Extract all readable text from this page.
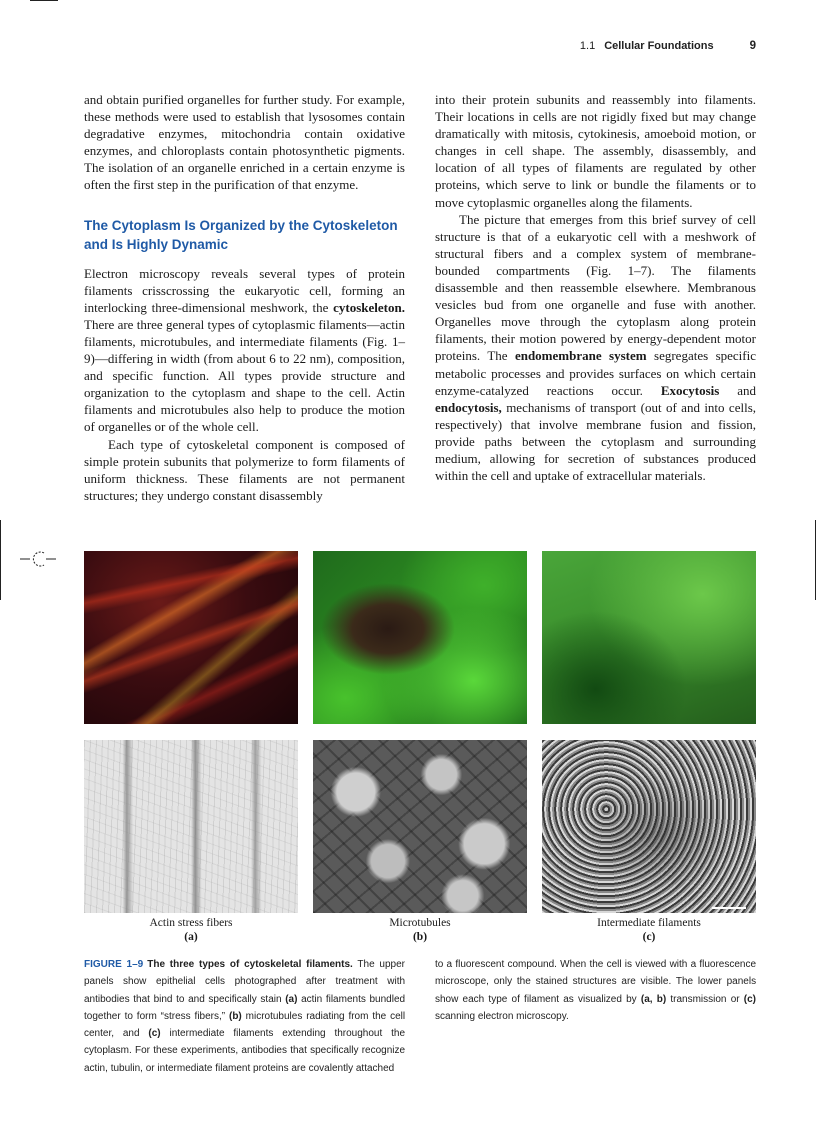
1.1 Cellular Foundations	9

and obtain purified organelles for further study. For example, these methods were used to establish that lysosomes contain degradative enzymes, mitochondria contain oxidative enzymes, and chloroplasts contain photosynthetic pigments. The isolation of an organelle enriched in a certain enzyme is often the first step in the purification of that enzyme.

The Cytoplasm Is Organized by the Cytoskeleton and Is Highly Dynamic

Electron microscopy reveals several types of protein filaments crisscrossing the eukaryotic cell, forming an interlocking three-dimensional meshwork, the cytoskeleton. There are three general types of cytoplasmic filaments—actin filaments, microtubules, and intermediate filaments (Fig. 1–9)—differing in width (from about 6 to 22 nm), composition, and specific function. All types provide structure and organization to the cytoplasm and shape to the cell. Actin filaments and microtubules also help to produce the motion of organelles or of the whole cell.

Each type of cytoskeletal component is composed of simple protein subunits that polymerize to form filaments of uniform thickness. These filaments are not permanent structures; they undergo constant disassembly

into their protein subunits and reassembly into filaments. Their locations in cells are not rigidly fixed but may change dramatically with mitosis, cytokinesis, amoeboid motion, or changes in cell shape. The assembly, disassembly, and location of all types of filaments are regulated by other proteins, which serve to link or bundle the filaments or to move cytoplasmic organelles along the filaments.

The picture that emerges from this brief survey of cell structure is that of a eukaryotic cell with a meshwork of structural fibers and a complex system of membrane-bounded compartments (Fig. 1–7). The filaments disassemble and then reassemble elsewhere. Membranous vesicles bud from one organelle and fuse with another. Organelles move through the cytoplasm along protein filaments, their motion powered by energy-dependent motor proteins. The endomembrane system segregates specific metabolic processes and provides surfaces on which certain enzyme-catalyzed reactions occur. Exocytosis and endocytosis, mechanisms of transport (out of and into cells, respectively) that involve membrane fusion and fission, provide paths between the cytoplasm and surrounding medium, allowing for secretion of substances produced within the cell and uptake of extracellular materials.

Actin stress fibers
(a)
Microtubules
(b)
Intermediate filaments
(c)
FIGURE 1–9 The three types of cytoskeletal filaments. The upper panels show epithelial cells photographed after treatment with antibodies that bind to and specifically stain (a) actin filaments bundled together to form “stress fibers,” (b) microtubules radiating from the cell center, and (c) intermediate filaments extending throughout the cytoplasm. For these experiments, antibodies that specifically recognize actin, tubulin, or intermediate filament proteins are covalently attached
to a fluorescent compound. When the cell is viewed with a fluorescence microscope, only the stained structures are visible. The lower panels show each type of filament as visualized by (a, b) transmission or (c) scanning electron microscopy.
